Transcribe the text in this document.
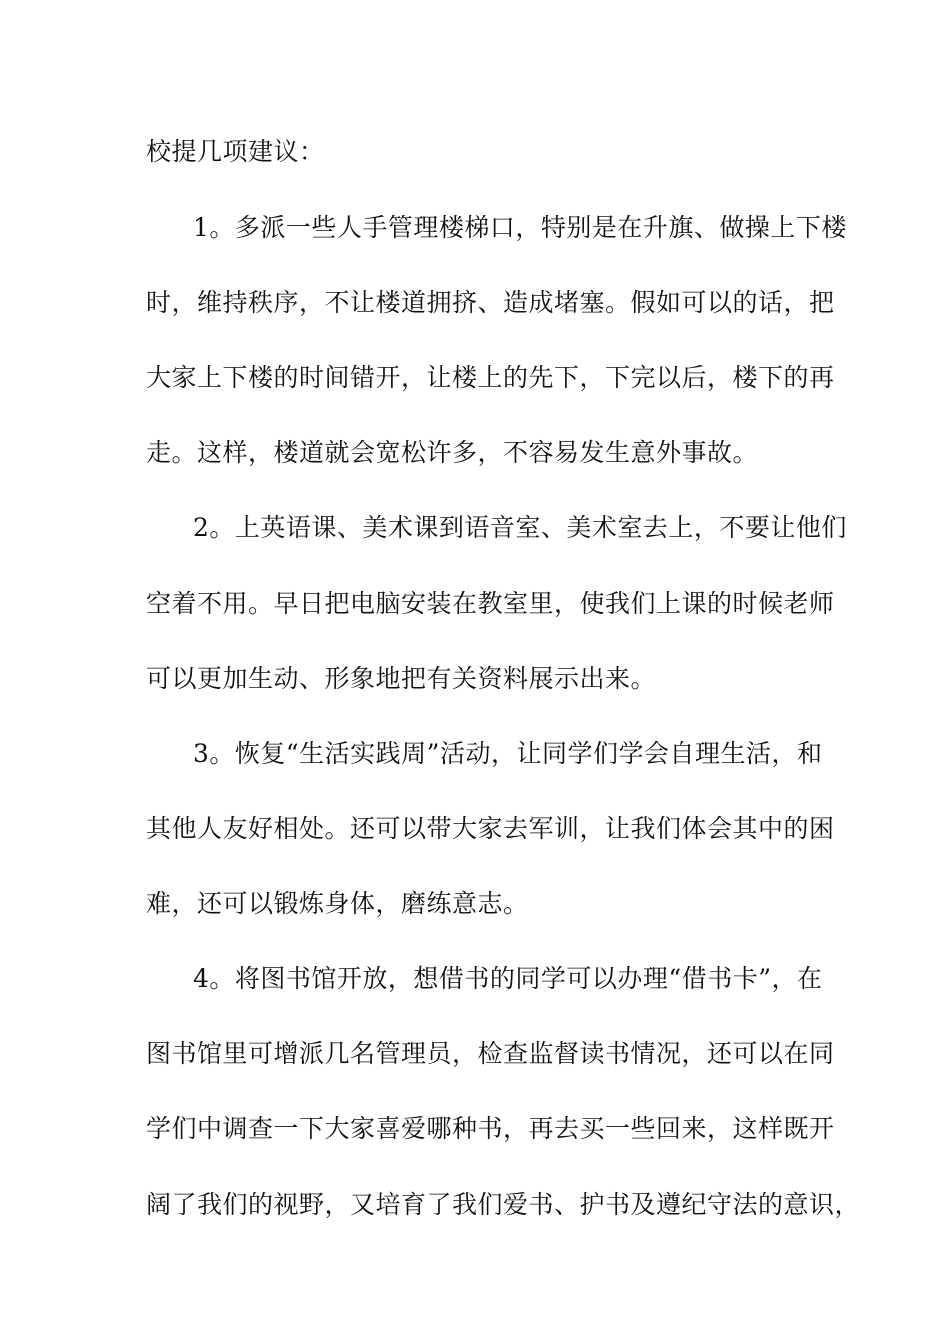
校提几项建议：
1。多派一些人手管理楼梯口，特别是在升旗、做操上下楼
时，维持秩序，不让楼道拥挤、造成堵塞。假如可以的话，把
大家上下楼的时间错开，让楼上的先下，下完以后，楼下的再
走。这样，楼道就会宽松许多，不容易发生意外事故。
2。上英语课、美术课到语音室、美术室去上，不要让他们
空着不用。早日把电脑安装在教室里，使我们上课的时候老师
可以更加生动、形象地把有关资料展示出来。
3。恢复“生活实践周”活动，让同学们学会自理生活，和
其他人友好相处。还可以带大家去军训，让我们体会其中的困
难，还可以锻炼身体，磨练意志。
4。将图书馆开放，想借书的同学可以办理“借书卡”，在
图书馆里可增派几名管理员，检查监督读书情况，还可以在同
学们中调查一下大家喜爱哪种书，再去买一些回来，这样既开
阔了我们的视野，又培育了我们爱书、护书及遵纪守法的意识，
